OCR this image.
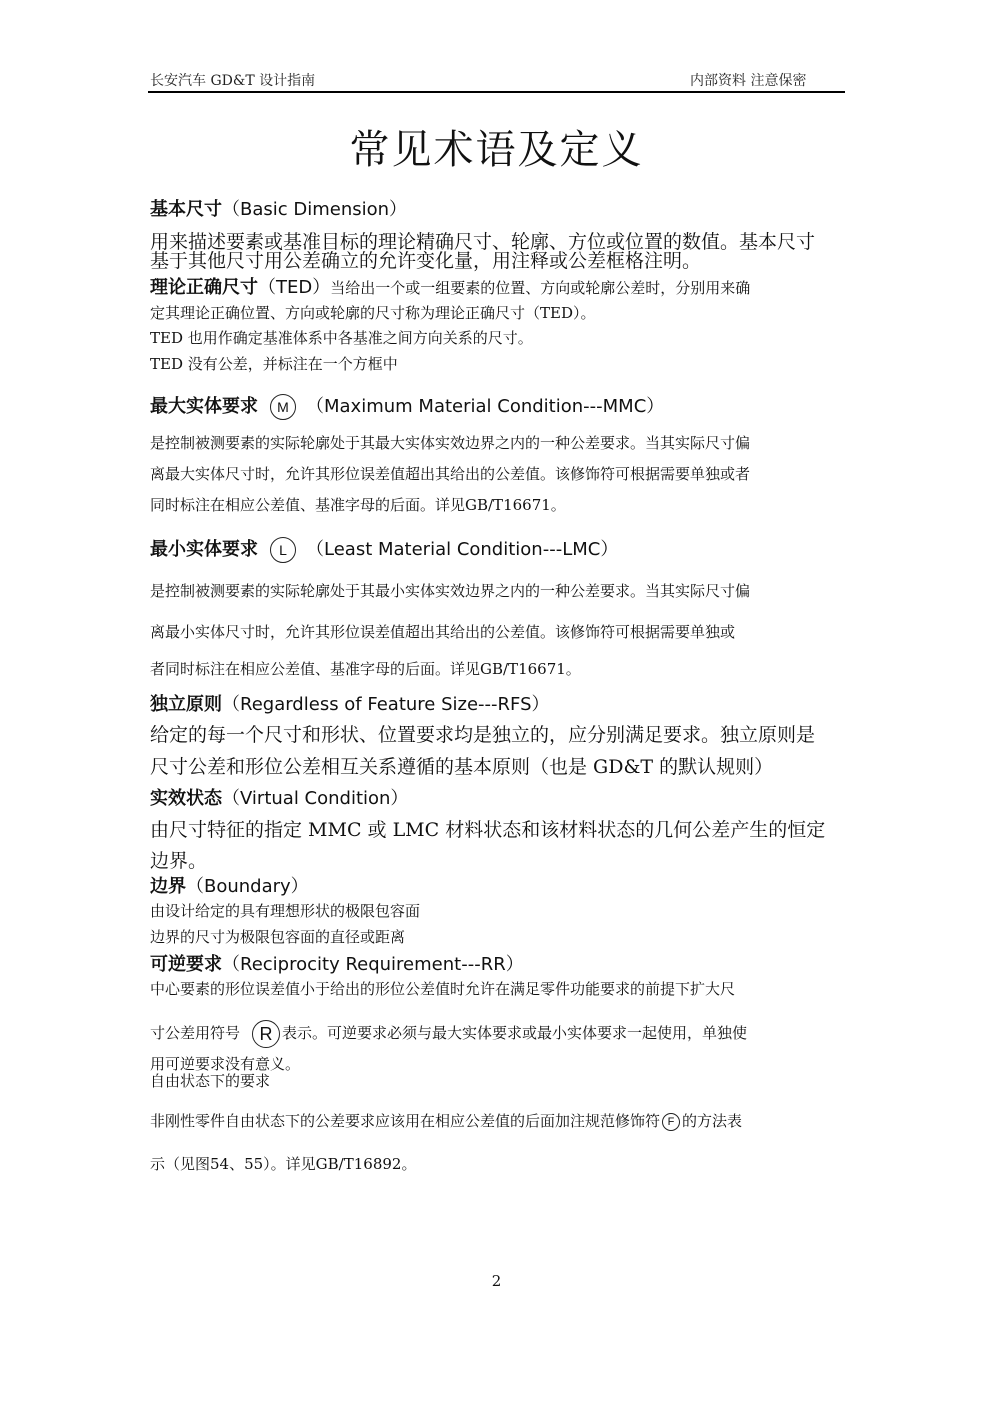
长安汽车 GD&T 设计指南	内部资料 注意保密
常见术语及定义
基本尺寸（Basic Dimension）
用来描述要素或基准目标的理论精确尺寸、轮廓、方位或位置的数值。基本尺寸
基于其他尺寸用公差确立的允许变化量，用注释或公差框格注明。
理论正确尺寸（TED）当给出一个或一组要素的位置、方向或轮廓公差时，分别用来确
定其理论正确位置、方向或轮廓的尺寸称为理论正确尺寸（TED）。
TED 也用作确定基准体系中各基准之间方向关系的尺寸。
TED 没有公差，并标注在一个方框中
最大实体要求 M （Maximum Material Condition---MMC）
是控制被测要素的实际轮廓处于其最大实体实效边界之内的一种公差要求。当其实际尺寸偏
离最大实体尺寸时，允许其形位误差值超出其给出的公差值。该修饰符可根据需要单独或者
同时标注在相应公差值、基准字母的后面。详见GB/T16671。
最小实体要求 L （Least Material Condition---LMC）
是控制被测要素的实际轮廓处于其最小实体实效边界之内的一种公差要求。当其实际尺寸偏
离最小实体尺寸时，允许其形位误差值超出其给出的公差值。该修饰符可根据需要单独或
者同时标注在相应公差值、基准字母的后面。详见GB/T16671。
独立原则（Regardless of Feature Size---RFS）
给定的每一个尺寸和形状、位置要求均是独立的，应分别满足要求。独立原则是
尺寸公差和形位公差相互关系遵循的基本原则（也是 GD&T 的默认规则）
实效状态（Virtual Condition）
由尺寸特征的指定 MMC 或 LMC 材料状态和该材料状态的几何公差产生的恒定
边界。
边界（Boundary）
由设计给定的具有理想形状的极限包容面
边界的尺寸为极限包容面的直径或距离
可逆要求（Reciprocity Requirement---RR）
中心要素的形位误差值小于给出的形位公差值时允许在满足零件功能要求的前提下扩大尺
寸公差用符号 R 表示。可逆要求必须与最大实体要求或最小实体要求一起使用，单独使
用可逆要求没有意义。
自由状态下的要求
非刚性零件自由状态下的公差要求应该用在相应公差值的后面加注规范修饰符 F 的方法表
示（见图54、55）。详见GB/T16892。
2
